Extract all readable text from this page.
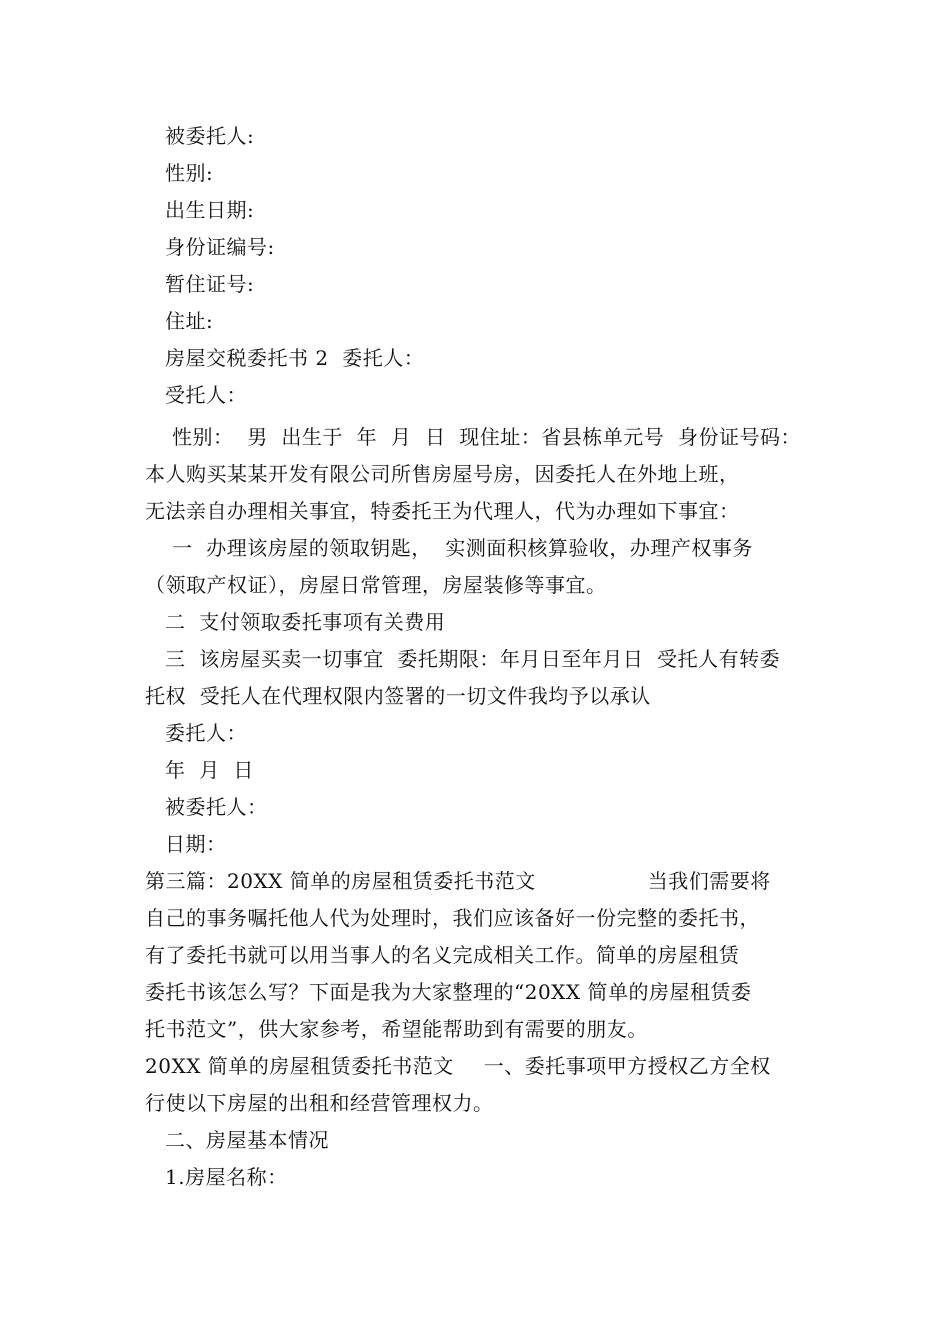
被委托人:
性别:
出生日期:
身份证编号:
暂住证号:
住址:
房屋交税委托书 2  委托人：
受托人：
性别：  男  出生于  年  月  日  现住址：省县栋单元号  身份证号码：
本人购买某某开发有限公司所售房屋号房，因委托人在外地上班，
无法亲自办理相关事宜，特委托王为代理人，代为办理如下事宜：
一  办理该房屋的领取钥匙，  实测面积核算验收，办理产权事务
（领取产权证），房屋日常管理，房屋装修等事宜。
二  支付领取委托事项有关费用
三  该房屋买卖一切事宜  委托期限：年月日至年月日  受托人有转委
托权  受托人在代理权限内签署的一切文件我均予以承认
委托人：
年  月  日
被委托人：
日期：
第三篇：20XX 简单的房屋租赁委托书范文	当我们需要将
自己的事务嘱托他人代为处理时，我们应该备好一份完整的委托书，
有了委托书就可以用当事人的名义完成相关工作。简单的房屋租赁
委托书该怎么写？下面是我为大家整理的“20XX 简单的房屋租赁委
托书范文”，供大家参考，希望能帮助到有需要的朋友。
20XX 简单的房屋租赁委托书范文 一、委托事项甲方授权乙方全权
行使以下房屋的出租和经营管理权力。
二、房屋基本情况
1.房屋名称：
